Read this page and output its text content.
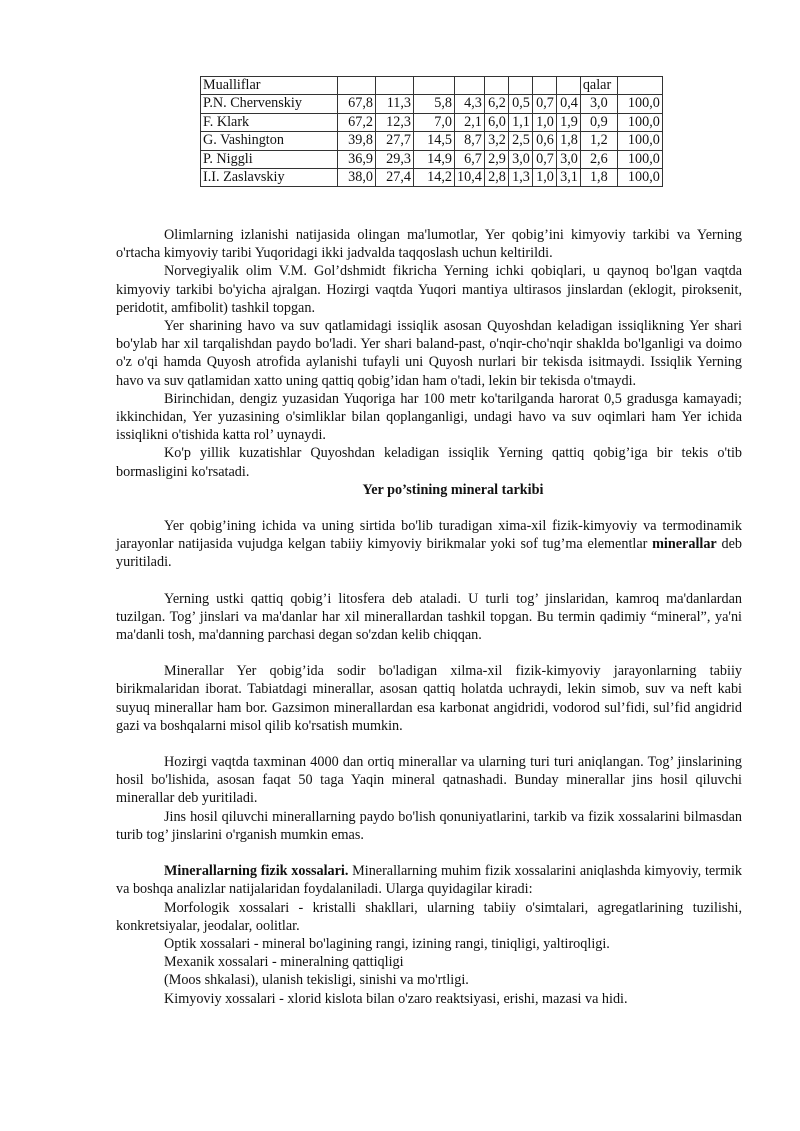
Mualliflar									qalar	
P.N. Chervenskiy	67,8	11,3	5,8	4,3	6,2	0,5	0,7	0,4	3,0	100,0
F. Klark	67,2	12,3	7,0	2,1	6,0	1,1	1,0	1,9	0,9	100,0
G. Vashington	39,8	27,7	14,5	8,7	3,2	2,5	0,6	1,8	1,2	100,0
P. Niggli	36,9	29,3	14,9	6,7	2,9	3,0	0,7	3,0	2,6	100,0
I.I. Zaslavskiy	38,0	27,4	14,2	10,4	2,8	1,3	1,0	3,1	1,8	100,0

Olimlarning izlanishi natijasida olingan ma'lumotlar, Yer qobig’ini kimyoviy tarkibi va Yerning o'rtacha kimyoviy taribi Yuqoridagi ikki jadvalda taqqoslash uchun keltirildi.

Norvegiyalik olim V.M. Gol’dshmidt fikricha Yerning ichki qobiqlari, u qaynoq bo'lgan vaqtda kimyoviy tarkibi bo'yicha ajralgan. Hozirgi vaqtda Yuqori mantiya ultirasos jinslardan (eklogit, piroksenit, peridotit, amfibolit) tashkil topgan.

Yer sharining havo va suv qatlamidagi issiqlik asosan Quyoshdan keladigan issiqlikning Yer shari bo'ylab har xil tarqalishdan paydo bo'ladi. Yer shari baland-past, o'nqir-cho'nqir shaklda bo'lganligi va doimo o'z o'qi hamda Quyosh atrofida aylanishi tufayli uni Quyosh nurlari bir tekisda isitmaydi. Issiqlik Yerning havo va suv qatlamidan xatto uning qattiq qobig’idan ham o'tadi, lekin bir tekisda o'tmaydi.

Birinchidan, dengiz yuzasidan Yuqoriga har 100 metr ko'tarilganda harorat 0,5 gradusga kamayadi; ikkinchidan, Yer yuzasining o'simliklar bilan qoplanganligi, undagi havo va suv oqimlari ham Yer ichida issiqlikni o'tishida katta rol’ uynaydi.

Ko'p yillik kuzatishlar Quyoshdan keladigan issiqlik Yerning qattiq qobig’iga bir tekis o'tib bormasligini ko'rsatadi.

Yer po’stining mineral tarkibi

Yer qobig’ining ichida va uning sirtida bo'lib turadigan xima-xil fizik-kimyoviy va termodinamik jarayonlar natijasida vujudga kelgan tabiiy kimyoviy birikmalar yoki sof tug’ma elementlar minerallar deb yuritiladi.

Yerning ustki qattiq qobig’i litosfera deb ataladi. U turli tog’ jinslaridan, kamroq ma'danlardan tuzilgan. Tog’ jinslari va ma'danlar har xil minerallardan tashkil topgan. Bu termin qadimiy “mineral”, ya'ni ma'danli tosh, ma'danning parchasi degan so'zdan kelib chiqqan.

Minerallar Yer qobig’ida sodir bo'ladigan xilma-xil fizik-kimyoviy jarayonlarning tabiiy birikmalaridan iborat. Tabiatdagi minerallar, asosan qattiq holatda uchraydi, lekin simob, suv va neft kabi suyuq minerallar ham bor. Gazsimon minerallardan esa karbonat angidridi, vodorod sul’fidi, sul’fid angidrid gazi va boshqalarni misol qilib ko'rsatish mumkin.

Hozirgi vaqtda taxminan 4000 dan ortiq minerallar va ularning turi turi aniqlangan. Tog’ jinslarining hosil bo'lishida, asosan faqat 50 taga Yaqin mineral qatnashadi. Bunday minerallar jins hosil qiluvchi minerallar deb yuritiladi.

Jins hosil qiluvchi minerallarning paydo bo'lish qonuniyatlarini, tarkib va fizik xossalarini bilmasdan turib tog’ jinslarini o'rganish mumkin emas.

Minerallarning fizik xossalari. Minerallarning muhim fizik xossalarini aniqlashda kimyoviy, termik va boshqa analizlar natijalaridan foydalaniladi. Ularga quyidagilar kiradi:

Morfologik xossalari - kristalli shakllari, ularning tabiiy o'simtalari, agregatlarining tuzilishi, konkretsiyalar, jeodalar, oolitlar.

Optik xossalari - mineral bo'lagining rangi, izining rangi, tiniqligi, yaltiroqligi.

Mexanik xossalari - mineralning qattiqligi

(Moos shkalasi), ulanish tekisligi, sinishi va mo'rtligi.

Kimyoviy xossalari - xlorid kislota bilan o'zaro reaktsiyasi, erishi, mazasi va hidi.
